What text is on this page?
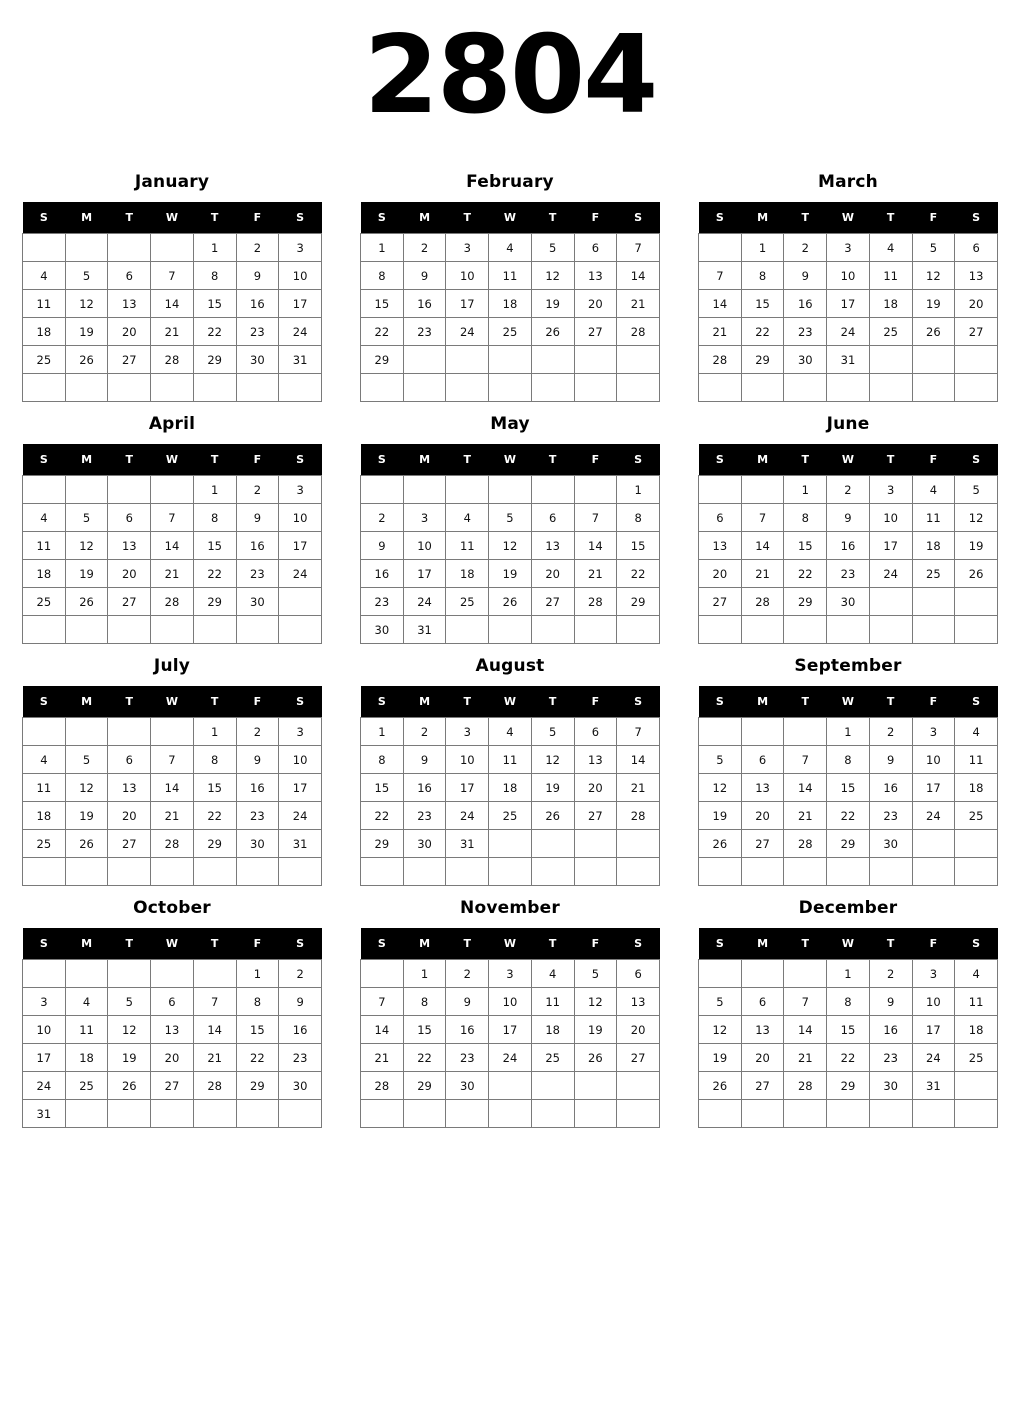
2804
January
S	M	T	W	T	F	S
				1	2	3
4	5	6	7	8	9	10
11	12	13	14	15	16	17
18	19	20	21	22	23	24
25	26	27	28	29	30	31

February
S	M	T	W	T	F	S
1	2	3	4	5	6	7
8	9	10	11	12	13	14
15	16	17	18	19	20	21
22	23	24	25	26	27	28
29						

March
S	M	T	W	T	F	S
	1	2	3	4	5	6
7	8	9	10	11	12	13
14	15	16	17	18	19	20
21	22	23	24	25	26	27
28	29	30	31			

April
S	M	T	W	T	F	S
				1	2	3
4	5	6	7	8	9	10
11	12	13	14	15	16	17
18	19	20	21	22	23	24
25	26	27	28	29	30	

May
S	M	T	W	T	F	S
						1
2	3	4	5	6	7	8
9	10	11	12	13	14	15
16	17	18	19	20	21	22
23	24	25	26	27	28	29
30	31					
June
S	M	T	W	T	F	S
		1	2	3	4	5
6	7	8	9	10	11	12
13	14	15	16	17	18	19
20	21	22	23	24	25	26
27	28	29	30			

July
S	M	T	W	T	F	S
				1	2	3
4	5	6	7	8	9	10
11	12	13	14	15	16	17
18	19	20	21	22	23	24
25	26	27	28	29	30	31

August
S	M	T	W	T	F	S
1	2	3	4	5	6	7
8	9	10	11	12	13	14
15	16	17	18	19	20	21
22	23	24	25	26	27	28
29	30	31				

September
S	M	T	W	T	F	S
			1	2	3	4
5	6	7	8	9	10	11
12	13	14	15	16	17	18
19	20	21	22	23	24	25
26	27	28	29	30		

October
S	M	T	W	T	F	S
					1	2
3	4	5	6	7	8	9
10	11	12	13	14	15	16
17	18	19	20	21	22	23
24	25	26	27	28	29	30
31						
November
S	M	T	W	T	F	S
	1	2	3	4	5	6
7	8	9	10	11	12	13
14	15	16	17	18	19	20
21	22	23	24	25	26	27
28	29	30				

December
S	M	T	W	T	F	S
			1	2	3	4
5	6	7	8	9	10	11
12	13	14	15	16	17	18
19	20	21	22	23	24	25
26	27	28	29	30	31	
